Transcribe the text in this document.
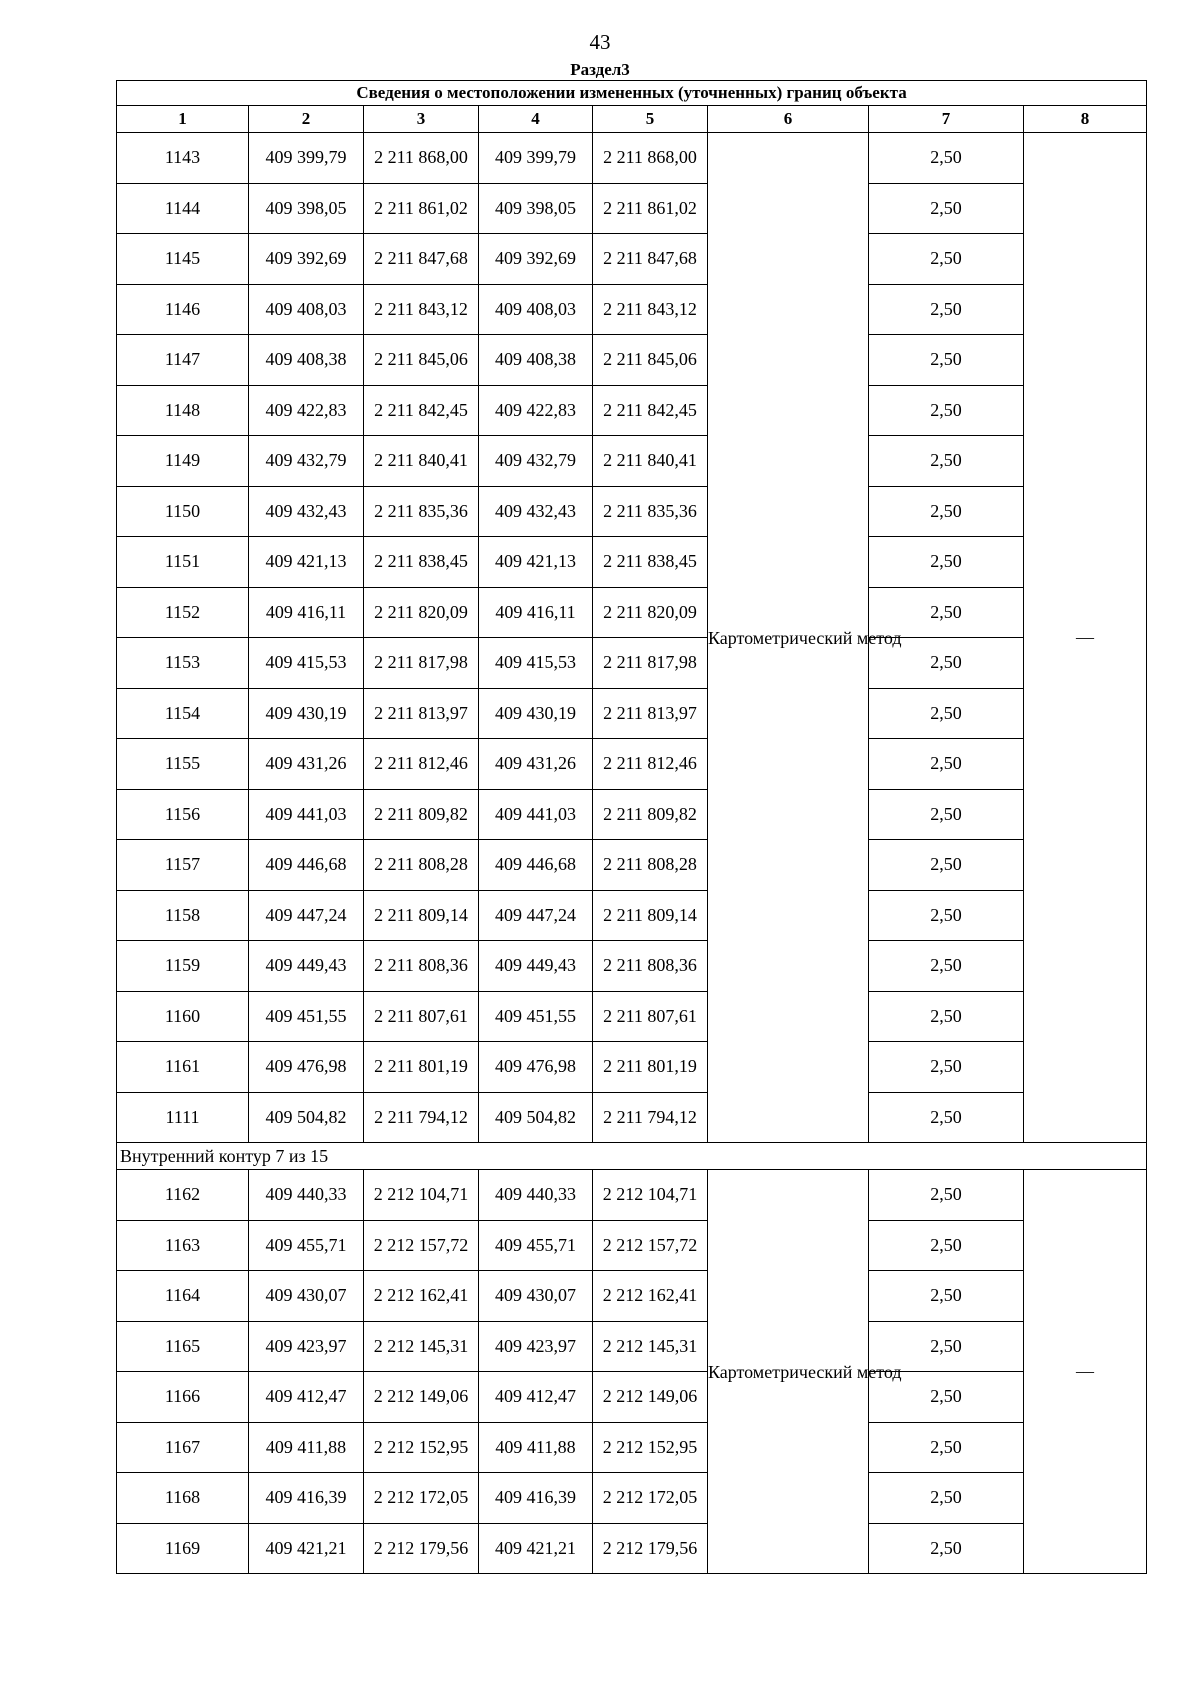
43
Раздел3
Сведения о местоположении измененных (уточненных) границ объекта							
1	2	3	4	5	6	7	8
1143	409 399,79	2 211 868,00	409 399,79	2 211 868,00	Картометрический метод	2,50	—
1144	409 398,05	2 211 861,02	409 398,05	2 211 861,02		2,50	
1145	409 392,69	2 211 847,68	409 392,69	2 211 847,68		2,50	
1146	409 408,03	2 211 843,12	409 408,03	2 211 843,12		2,50	
1147	409 408,38	2 211 845,06	409 408,38	2 211 845,06		2,50	
1148	409 422,83	2 211 842,45	409 422,83	2 211 842,45		2,50	
1149	409 432,79	2 211 840,41	409 432,79	2 211 840,41		2,50	
1150	409 432,43	2 211 835,36	409 432,43	2 211 835,36		2,50	
1151	409 421,13	2 211 838,45	409 421,13	2 211 838,45		2,50	
1152	409 416,11	2 211 820,09	409 416,11	2 211 820,09		2,50	
1153	409 415,53	2 211 817,98	409 415,53	2 211 817,98		2,50	
1154	409 430,19	2 211 813,97	409 430,19	2 211 813,97		2,50	
1155	409 431,26	2 211 812,46	409 431,26	2 211 812,46		2,50	
1156	409 441,03	2 211 809,82	409 441,03	2 211 809,82		2,50	
1157	409 446,68	2 211 808,28	409 446,68	2 211 808,28		2,50	
1158	409 447,24	2 211 809,14	409 447,24	2 211 809,14		2,50	
1159	409 449,43	2 211 808,36	409 449,43	2 211 808,36		2,50	
1160	409 451,55	2 211 807,61	409 451,55	2 211 807,61		2,50	
1161	409 476,98	2 211 801,19	409 476,98	2 211 801,19		2,50	
1111	409 504,82	2 211 794,12	409 504,82	2 211 794,12		2,50	
Внутренний контур 7 из 15							
1162	409 440,33	2 212 104,71	409 440,33	2 212 104,71	Картометрический метод	2,50	—
1163	409 455,71	2 212 157,72	409 455,71	2 212 157,72		2,50	
1164	409 430,07	2 212 162,41	409 430,07	2 212 162,41		2,50	
1165	409 423,97	2 212 145,31	409 423,97	2 212 145,31		2,50	
1166	409 412,47	2 212 149,06	409 412,47	2 212 149,06		2,50	
1167	409 411,88	2 212 152,95	409 411,88	2 212 152,95		2,50	
1168	409 416,39	2 212 172,05	409 416,39	2 212 172,05		2,50	
1169	409 421,21	2 212 179,56	409 421,21	2 212 179,56		2,50	
